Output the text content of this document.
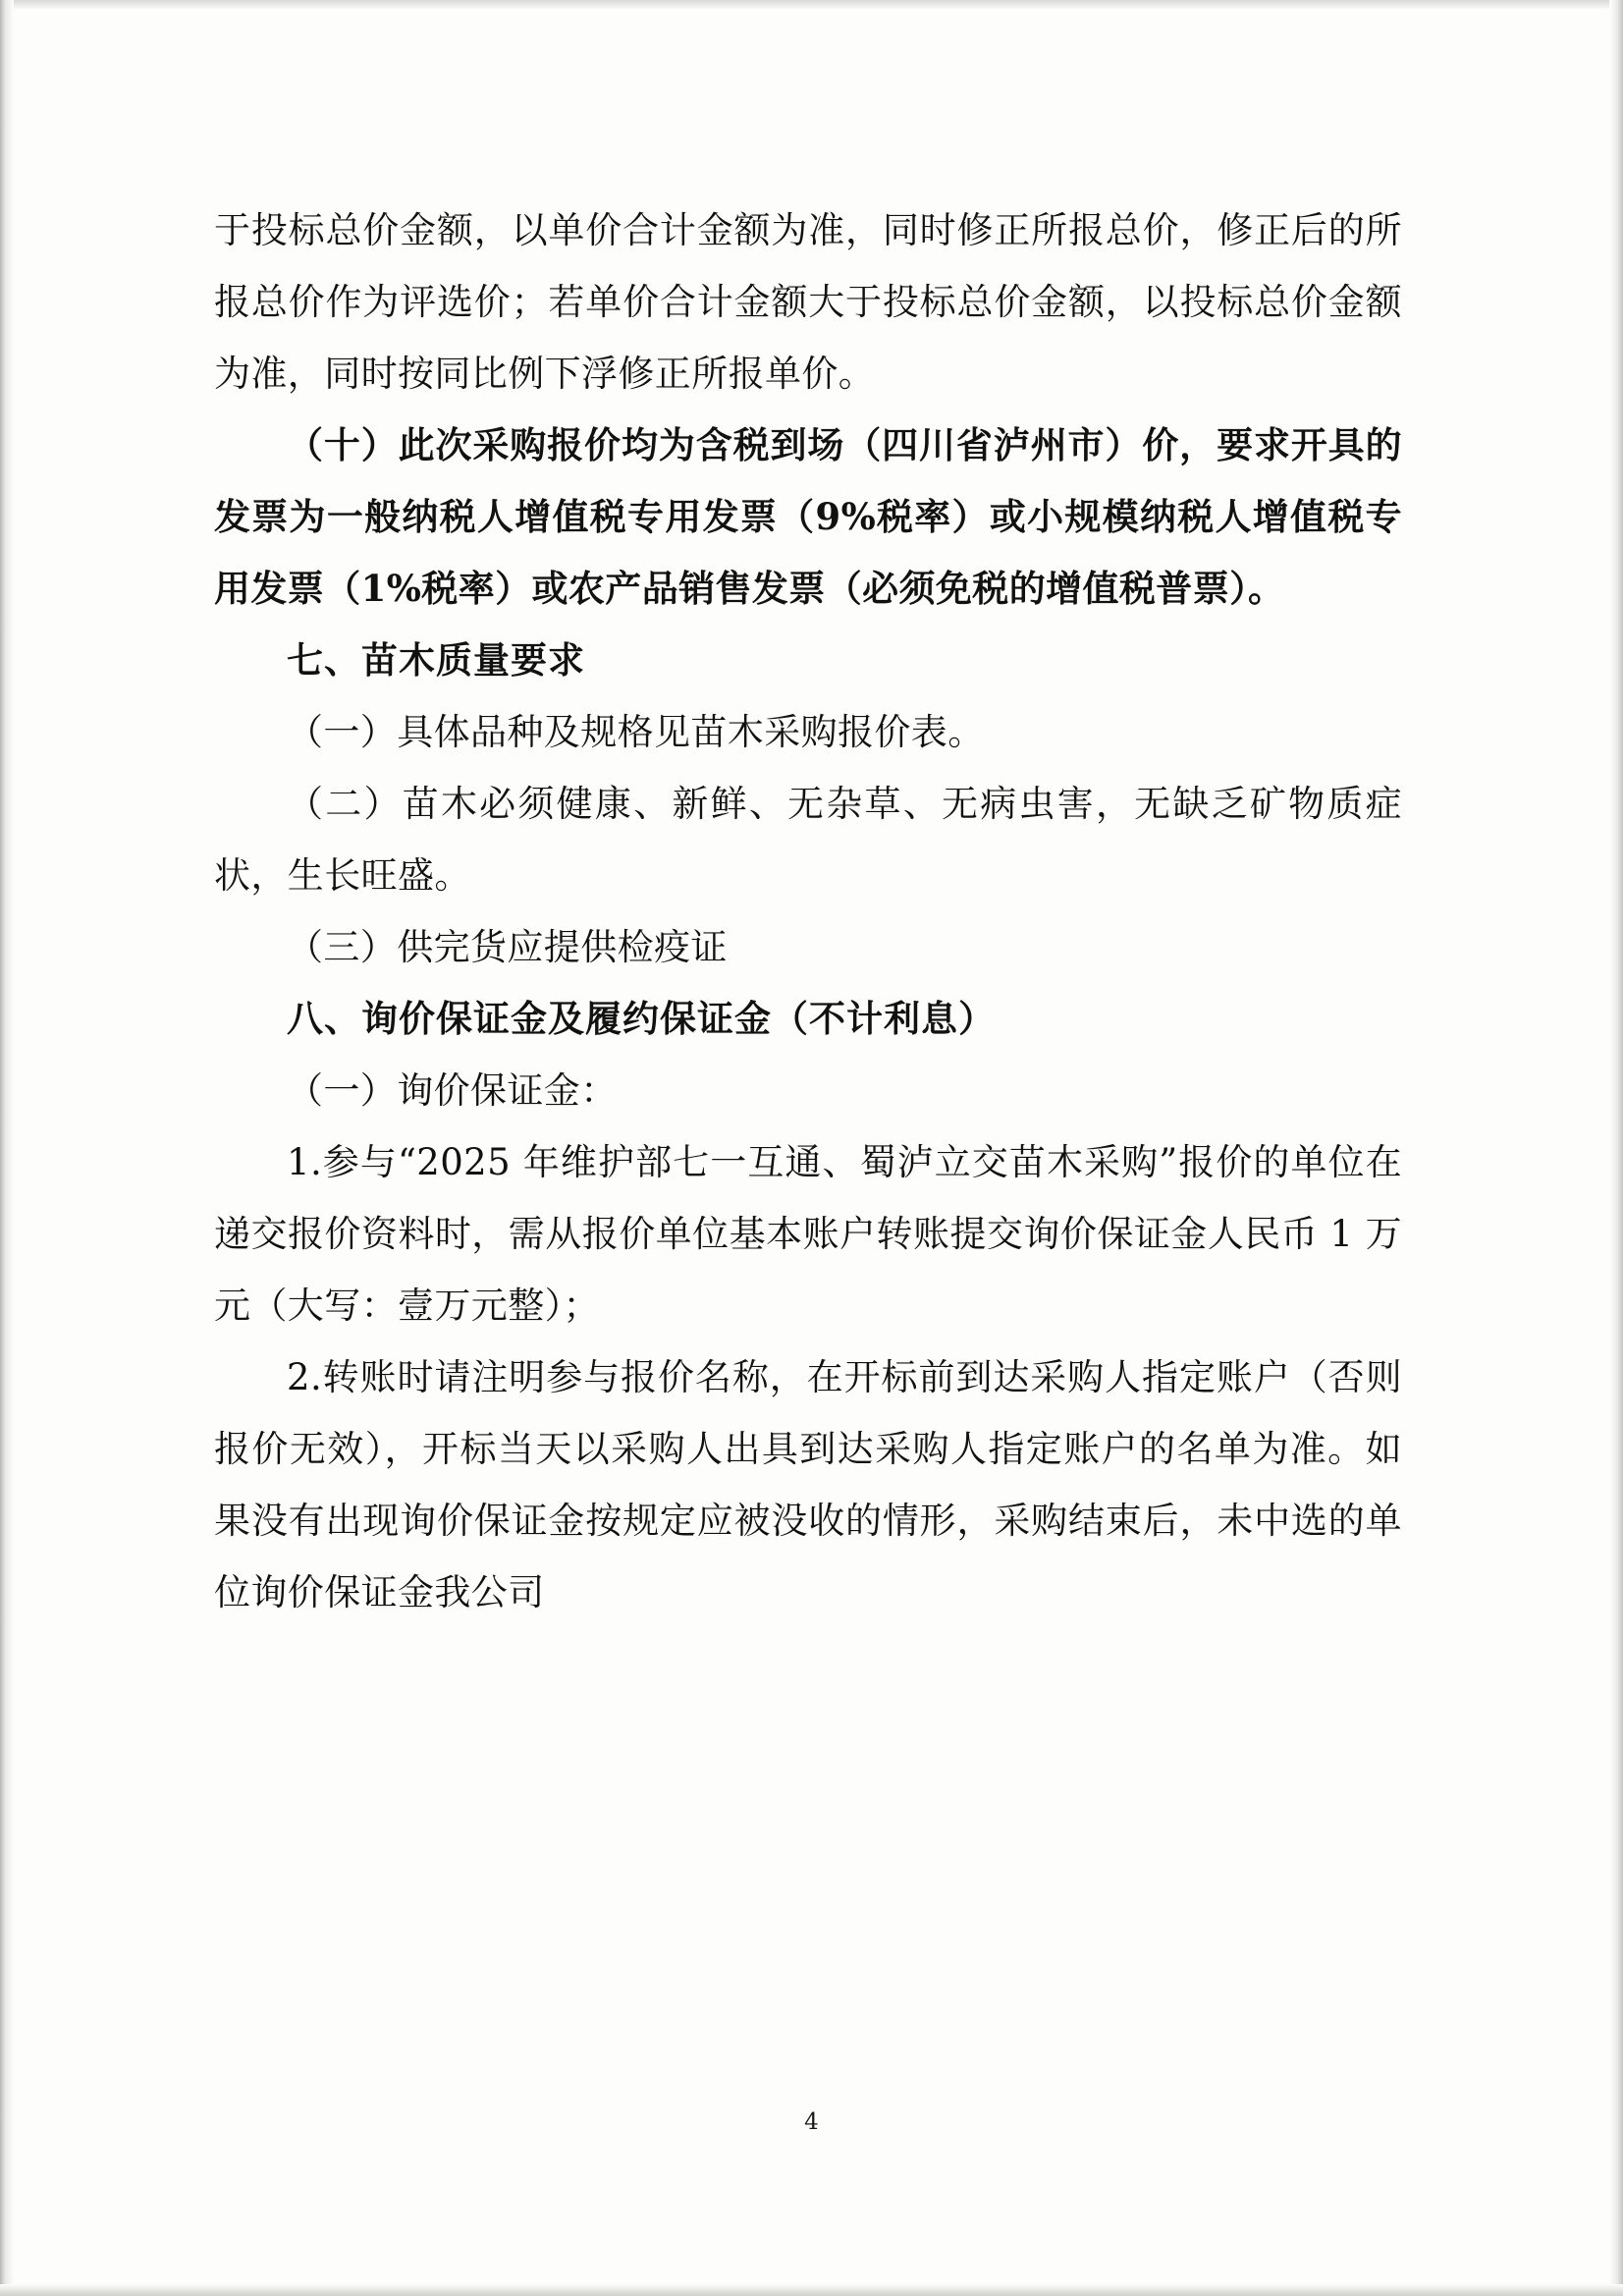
于投标总价金额，以单价合计金额为准，同时修正所报总价，修正后的所报总价作为评选价；若单价合计金额大于投标总价金额，以投标总价金额为准，同时按同比例下浮修正所报单价。

（十）此次采购报价均为含税到场（四川省泸州市）价，要求开具的发票为一般纳税人增值税专用发票（9%税率）或小规模纳税人增值税专用发票（1%税率）或农产品销售发票（必须免税的增值税普票）。

七、苗木质量要求

（一）具体品种及规格见苗木采购报价表。

（二）苗木必须健康、新鲜、无杂草、无病虫害，无缺乏矿物质症状，生长旺盛。

（三）供完货应提供检疫证

八、询价保证金及履约保证金（不计利息）

（一）询价保证金：

1.参与“2025 年维护部七一互通、蜀泸立交苗木采购”报价的单位在递交报价资料时，需从报价单位基本账户转账提交询价保证金人民币 1 万元（大写：壹万元整）；

2.转账时请注明参与报价名称，在开标前到达采购人指定账户（否则报价无效），开标当天以采购人出具到达采购人指定账户的名单为准。如果没有出现询价保证金按规定应被没收的情形，采购结束后，未中选的单位询价保证金我公司

4
